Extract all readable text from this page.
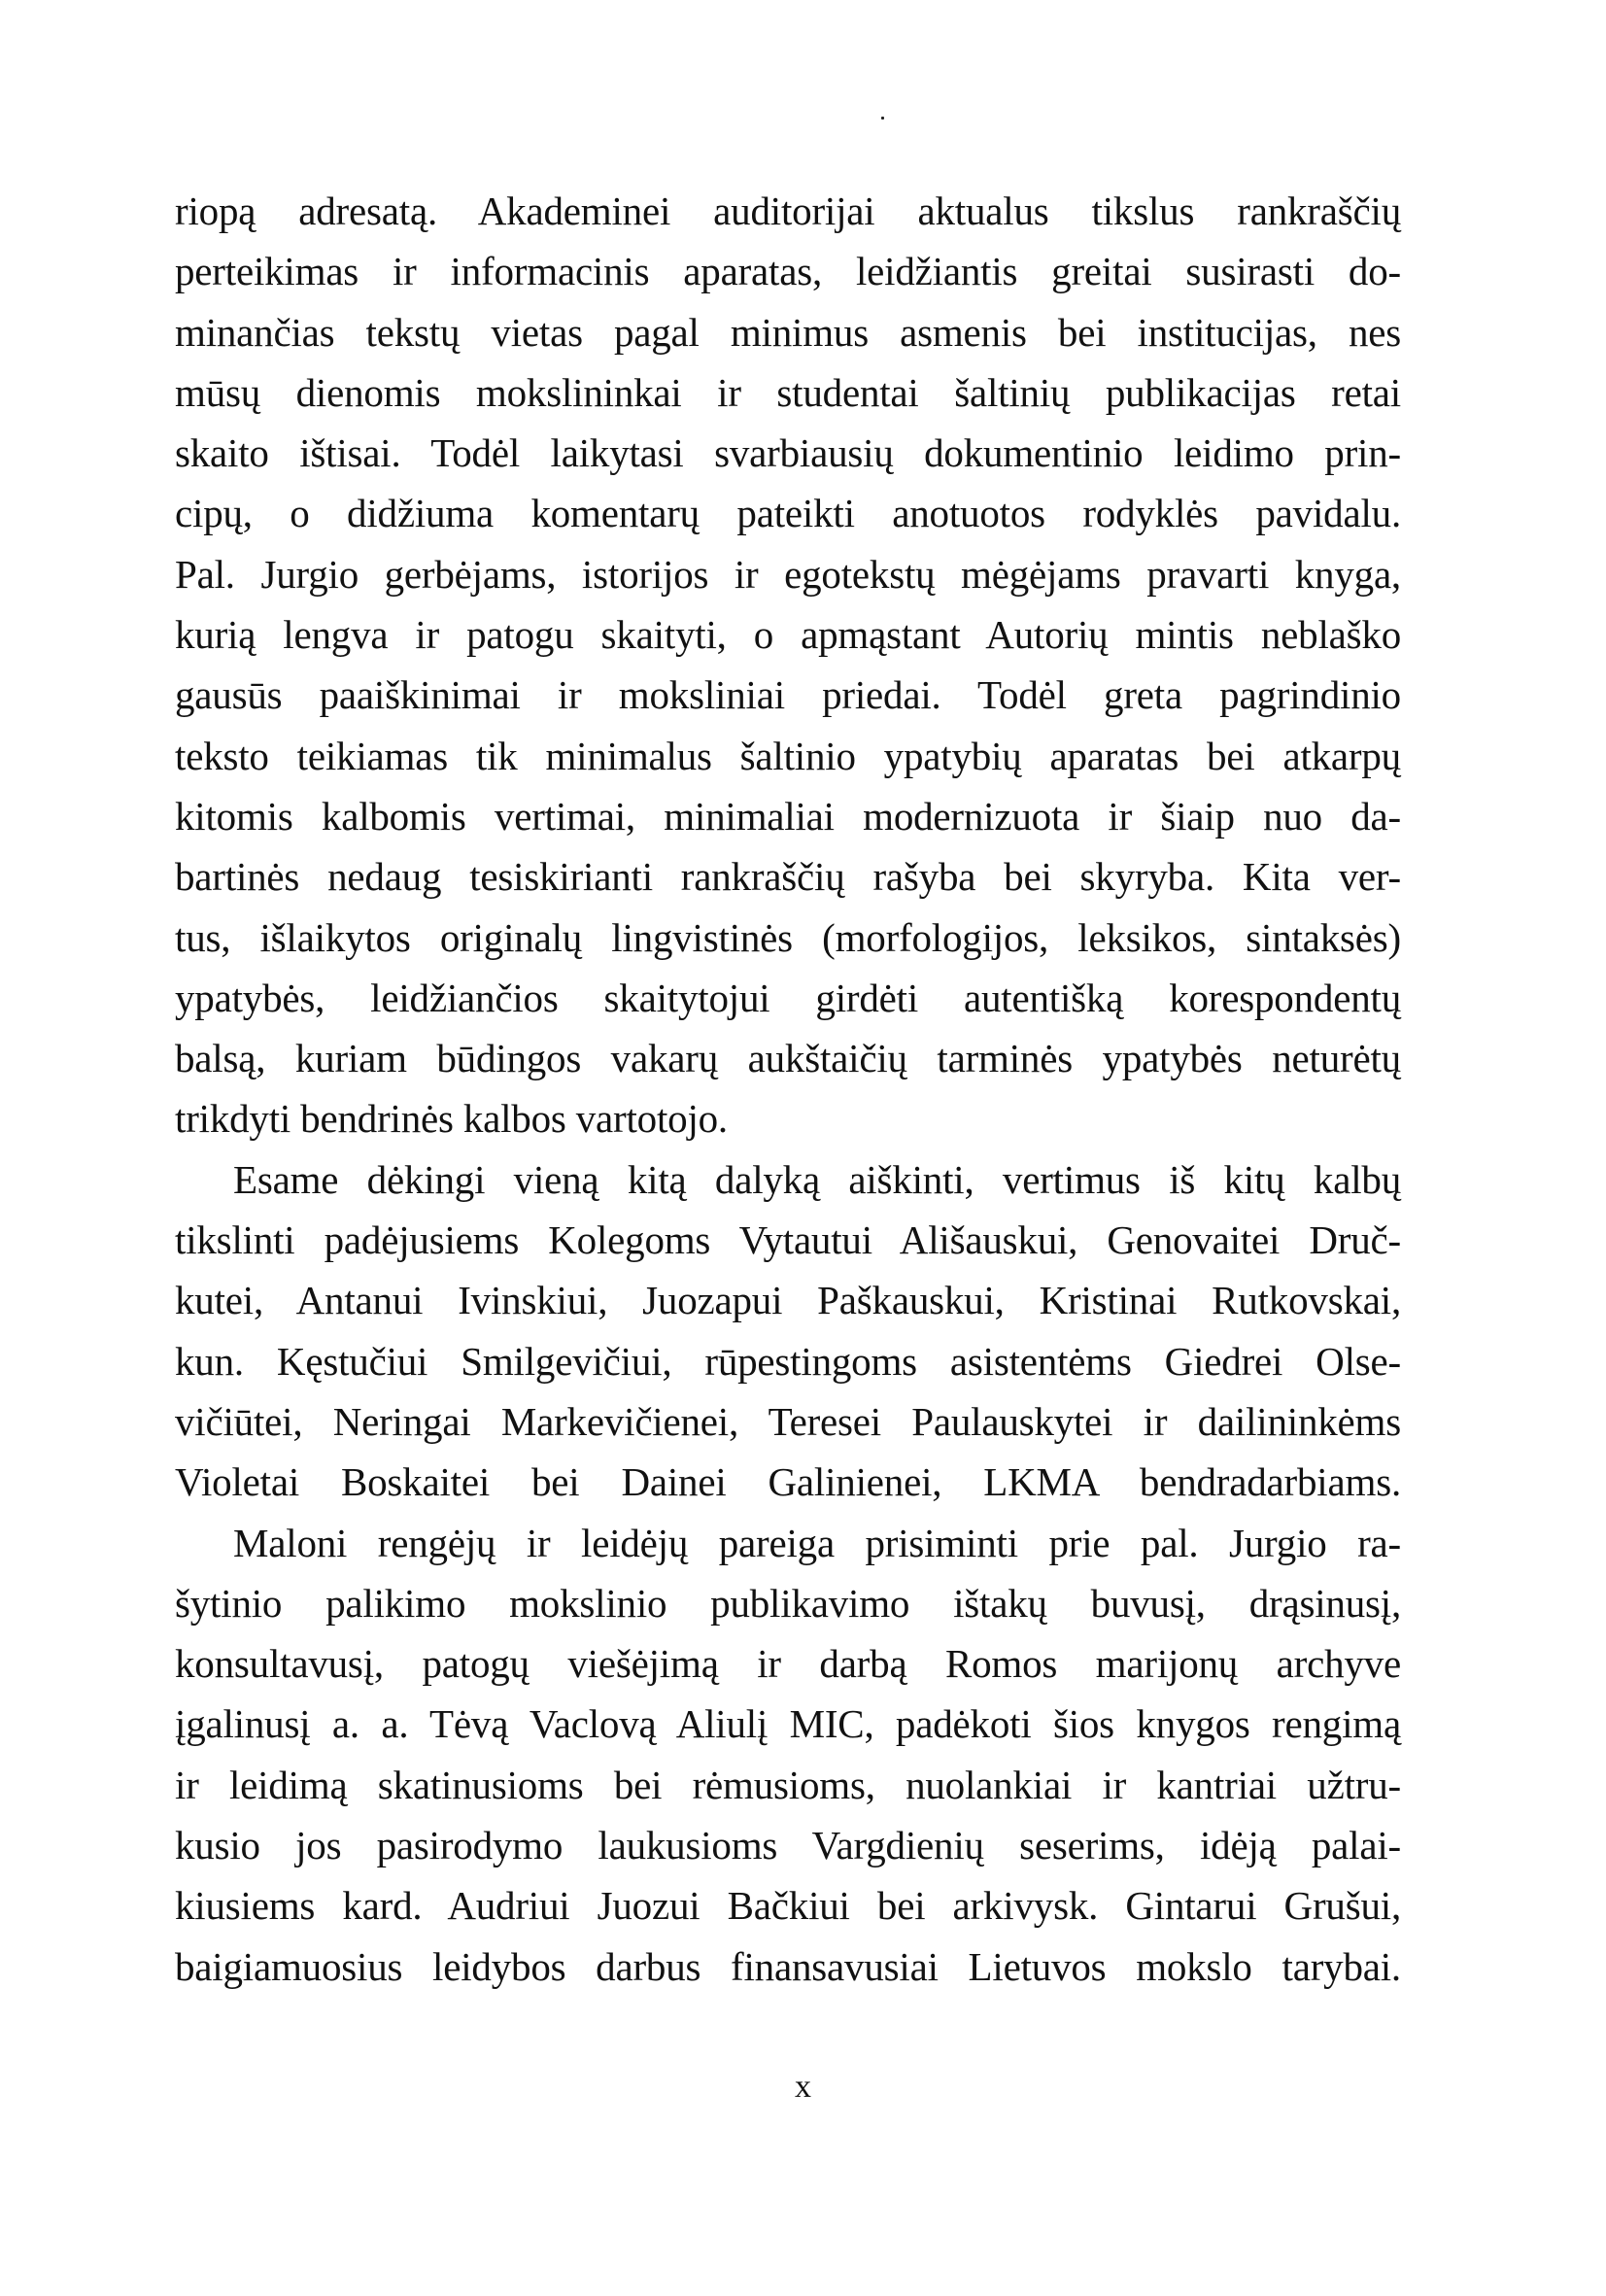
riopą adresatą. Akademinei auditorijai aktualus tikslus rankraščių
perteikimas ir informacinis aparatas, leidžiantis greitai susirasti do-
minančias tekstų vietas pagal minimus asmenis bei institucijas, nes
mūsų dienomis mokslininkai ir studentai šaltinių publikacijas retai
skaito ištisai. Todėl laikytasi svarbiausių dokumentinio leidimo prin-
cipų, o didžiuma komentarų pateikti anotuotos rodyklės pavidalu.
Pal. Jurgio gerbėjams, istorijos ir egotekstų mėgėjams pravarti knyga,
kurią lengva ir patogu skaityti, o apmąstant Autorių mintis neblaško
gausūs paaiškinimai ir moksliniai priedai. Todėl greta pagrindinio
teksto teikiamas tik minimalus šaltinio ypatybių aparatas bei atkarpų
kitomis kalbomis vertimai, minimaliai modernizuota ir šiaip nuo da-
bartinės nedaug tesiskirianti rankraščių rašyba bei skyryba. Kita ver-
tus, išlaikytos originalų lingvistinės (morfologijos, leksikos, sintaksės)
ypatybės, leidžiančios skaitytojui girdėti autentišką korespondentų
balsą, kuriam būdingos vakarų aukštaičių tarminės ypatybės neturėtų
trikdyti bendrinės kalbos vartotojo.
Esame dėkingi vieną kitą dalyką aiškinti, vertimus iš kitų kalbų
tikslinti padėjusiems Kolegoms Vytautui Ališauskui, Genovaitei Druč-
kutei, Antanui Ivinskiui, Juozapui Paškauskui, Kristinai Rutkovskai,
kun. Kęstučiui Smilgevičiui, rūpestingoms asistentėms Giedrei Olse-
vičiūtei, Neringai Markevičienei, Teresei Paulauskytei ir dailininkėms
Violetai Boskaitei bei Dainei Galinienei, LKMA bendradarbiams.
Maloni rengėjų ir leidėjų pareiga prisiminti prie pal. Jurgio ra-
šytinio palikimo mokslinio publikavimo ištakų buvusį, drąsinusį,
konsultavusį, patogų viešėjimą ir darbą Romos marijonų archyve
įgalinusį a. a. Tėvą Vaclovą Aliulį MIC, padėkoti šios knygos rengimą
ir leidimą skatinusioms bei rėmusioms, nuolankiai ir kantriai užtru-
kusio jos pasirodymo laukusioms Vargdienių seserims, idėją palai-
kiusiems kard. Audriui Juozui Bačkiui bei arkivysk. Gintarui Grušui,
baigiamuosius leidybos darbus finansavusiai Lietuvos mokslo tarybai.
x
